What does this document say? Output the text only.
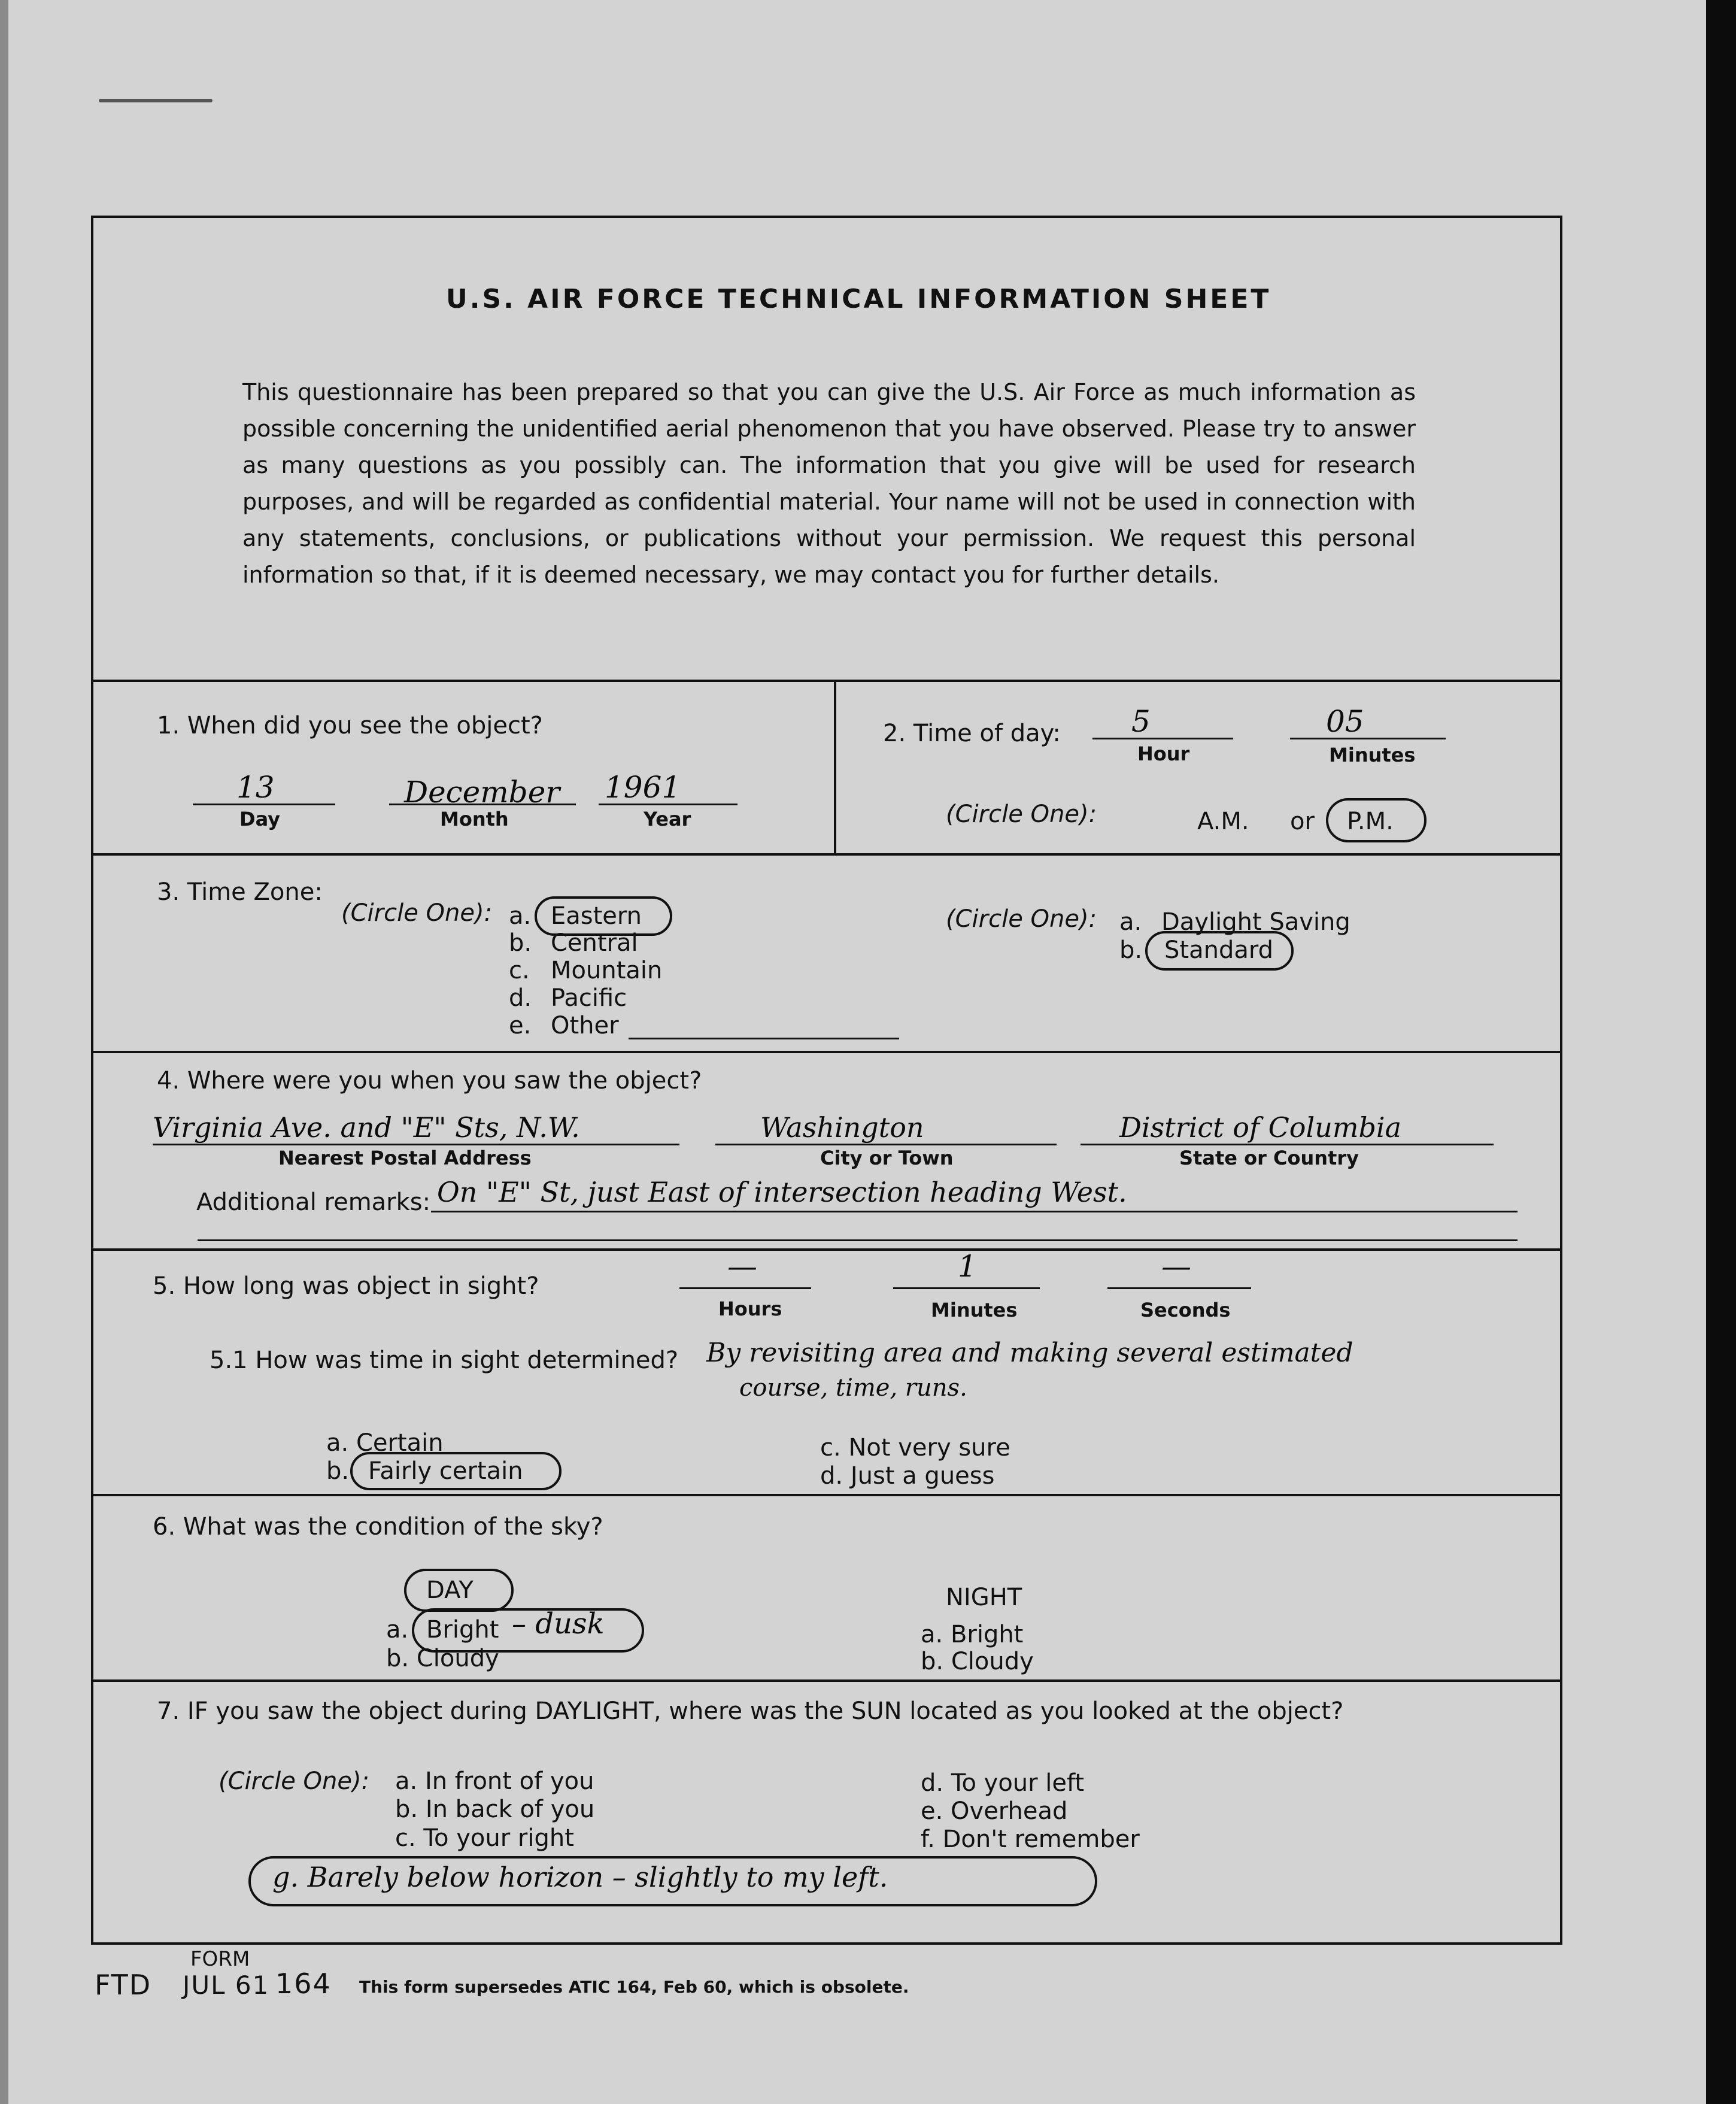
U.S. AIR FORCE TECHNICAL INFORMATION SHEET
This questionnaire has been prepared so that you can give the U.S. Air Force as much information as possible concerning the unidentified aerial phenomenon that you have observed. Please try to answer as many questions as you possibly can. The information that you give will be used for research purposes, and will be regarded as confidential material. Your name will not be used in connection with any statements, conclusions, or publications without your permission. We request this personal information so that, if it is deemed necessary, we may contact you for further details.
1. When did you see the object?
13
Day
December
Month
1961
Year
2. Time of day: 5
Hour
05
Minutes
(Circle One):	A.M. or P.M.
3. Time Zone:
(Circle One): a. Eastern
b. Central
c. Mountain
d. Pacific
e. Other
(Circle One): a. Daylight Saving
b. Standard
4. Where were you when you saw the object?
Virginia Ave. and "E" Sts, N.W.
Nearest Postal Address
Washington
City or Town
District of Columbia
State or Country
Additional remarks: On "E" St, just East of intersection heading West.
5. How long was object in sight?
—
Hours
1
Minutes
—
Seconds
5.1 How was time in sight determined? By revisiting area and making several estimated
course, time, runs.
a. Certain
b. Fairly certain
c. Not very sure
d. Just a guess
6. What was the condition of the sky?
DAY
a. Bright – dusk
b. Cloudy
NIGHT
a. Bright
b. Cloudy
7. IF you saw the object during DAYLIGHT, where was the SUN located as you looked at the object?
(Circle One): a. In front of you
b. In back of you
c. To your right
d. To your left
e. Overhead
f. Don't remember
g. Barely below horizon – slightly to my left.
FORM
FTD JUL 61 164 This form supersedes ATIC 164, Feb 60, which is obsolete.
